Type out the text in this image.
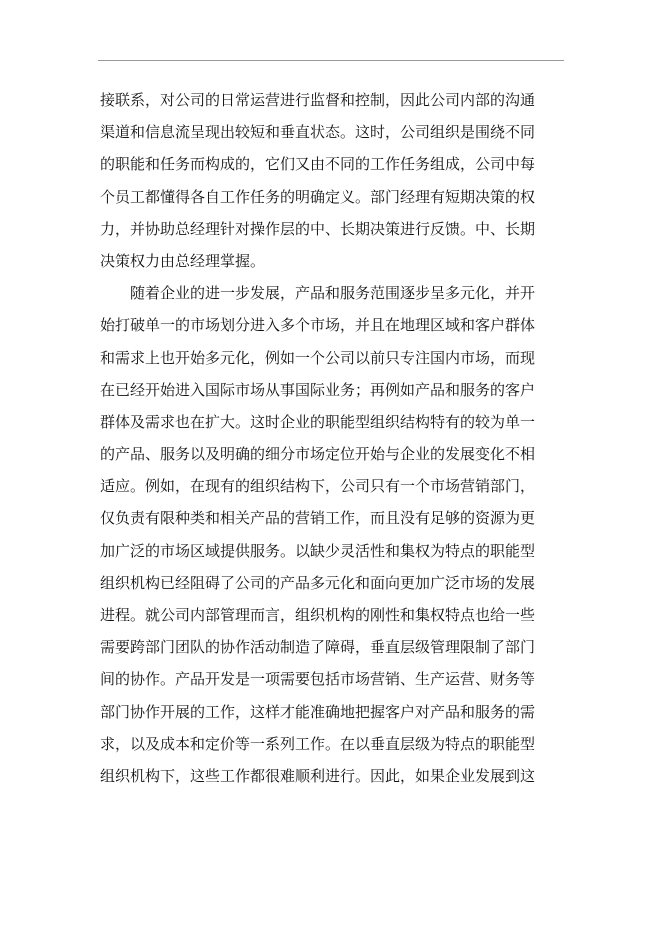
接联系，对公司的日常运营进行监督和控制，因此公司内部的沟通
渠道和信息流呈现出较短和垂直状态。这时，公司组织是围绕不同
的职能和任务而构成的，它们又由不同的工作任务组成，公司中每
个员工都懂得各自工作任务的明确定义。部门经理有短期决策的权
力，并协助总经理针对操作层的中、长期决策进行反馈。中、长期
决策权力由总经理掌握。
随着企业的进一步发展，产品和服务范围逐步呈多元化，并开
始打破单一的市场划分进入多个市场，并且在地理区域和客户群体
和需求上也开始多元化，例如一个公司以前只专注国内市场，而现
在已经开始进入国际市场从事国际业务；再例如产品和服务的客户
群体及需求也在扩大。这时企业的职能型组织结构特有的较为单一
的产品、服务以及明确的细分市场定位开始与企业的发展变化不相
适应。例如，在现有的组织结构下，公司只有一个市场营销部门，
仅负责有限种类和相关产品的营销工作，而且没有足够的资源为更
加广泛的市场区域提供服务。以缺少灵活性和集权为特点的职能型
组织机构已经阻碍了公司的产品多元化和面向更加广泛市场的发展
进程。就公司内部管理而言，组织机构的刚性和集权特点也给一些
需要跨部门团队的协作活动制造了障碍，垂直层级管理限制了部门
间的协作。产品开发是一项需要包括市场营销、生产运营、财务等
部门协作开展的工作，这样才能准确地把握客户对产品和服务的需
求，以及成本和定价等一系列工作。在以垂直层级为特点的职能型
组织机构下，这些工作都很难顺利进行。因此，如果企业发展到这
